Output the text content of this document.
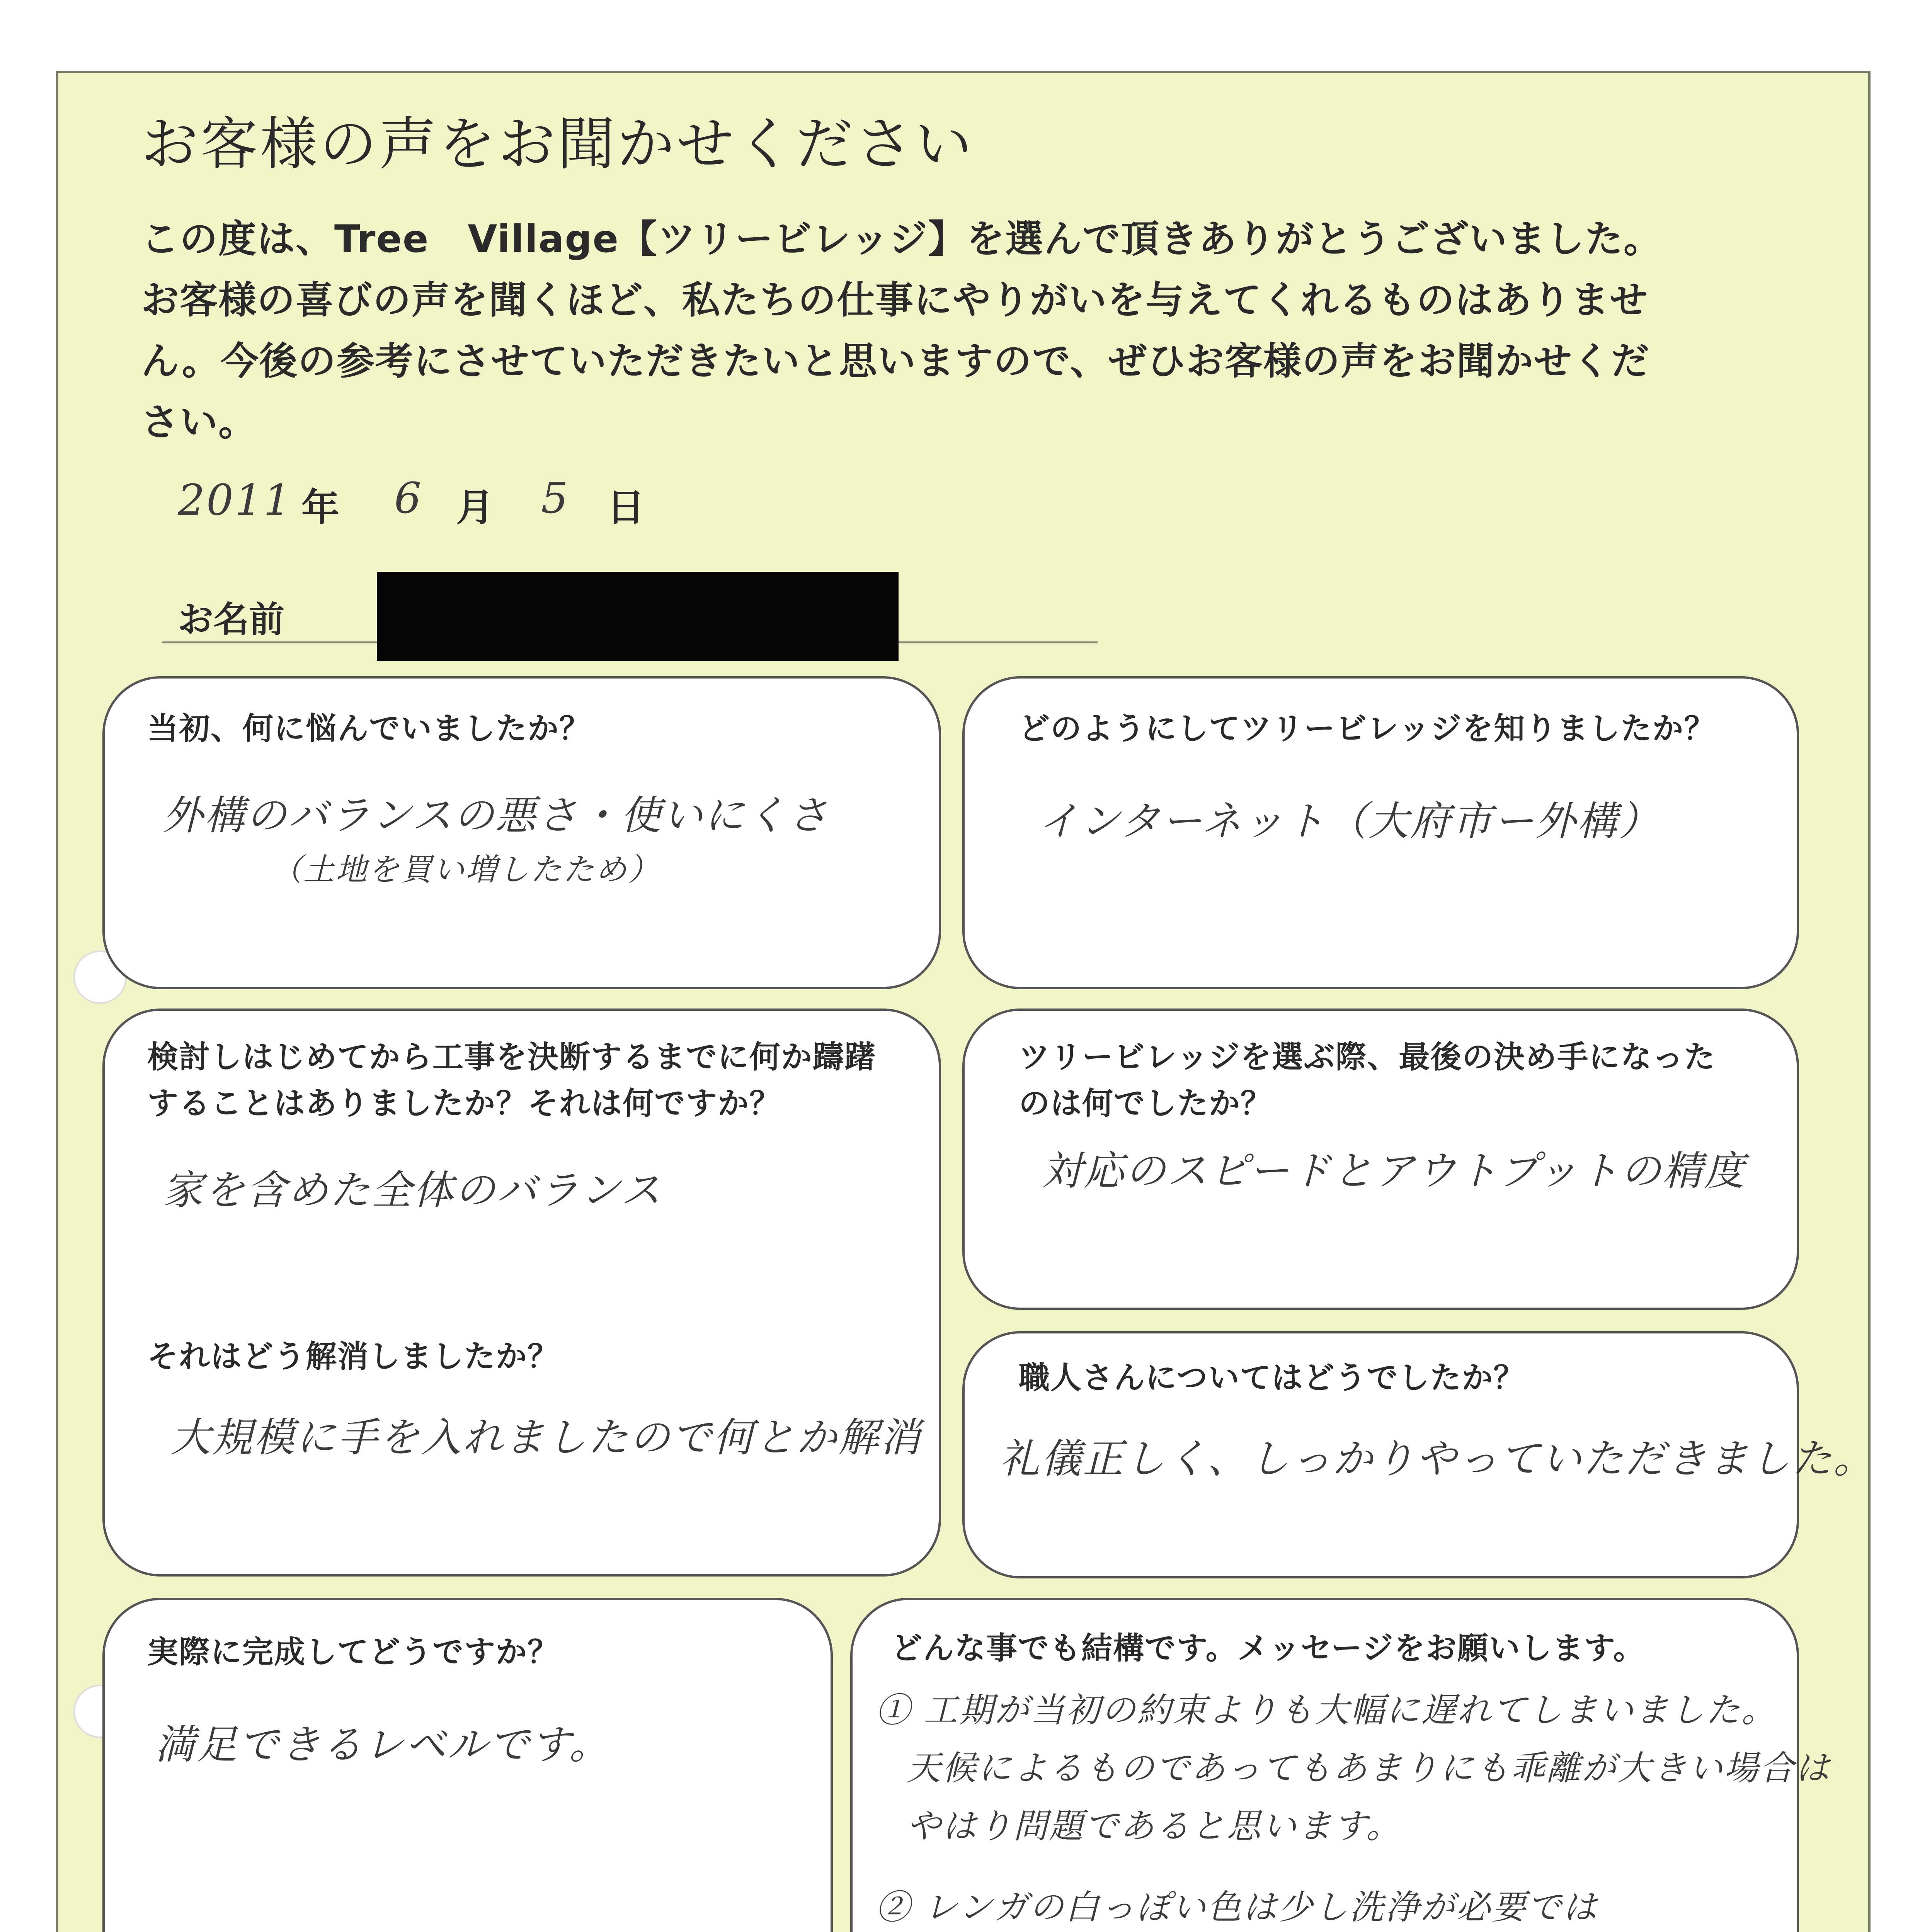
お客様の声をお聞かせください
この度は、Tree　Village【ツリービレッジ】を選んで頂きありがとうございました。
お客様の喜びの声を聞くほど、私たちの仕事にやりがいを与えてくれるものはありませ
ん。今後の参考にさせていただきたいと思いますので、ぜひお客様の声をお聞かせくだ
さい。
2011 年 6 月 5 日
お名前
当初、何に悩んでいましたか？
外構のバランスの悪さ・使いにくさ
（土地を買い増したため）
どのようにしてツリービレッジを知りましたか？
インターネット（大府市ー外構）
検討しはじめてから工事を決断するまでに何か躊躇
することはありましたか？それは何ですか？
家を含めた全体のバランス
それはどう解消しましたか？
大規模に手を入れましたので何とか解消
ツリービレッジを選ぶ際、最後の決め手になった
のは何でしたか？
対応のスピードとアウトプットの精度
職人さんについてはどうでしたか？
礼儀正しく、しっかりやっていただきました。
実際に完成してどうですか？
満足できるレベルです。
どんな事でも結構です。メッセージをお願いします。
① 工期が当初の約束よりも大幅に遅れてしまいました。
天候によるものであってもあまりにも乖離が大きい場合は
やはり問題であると思います。
② レンガの白っぽい色は少し洗浄が必要では
